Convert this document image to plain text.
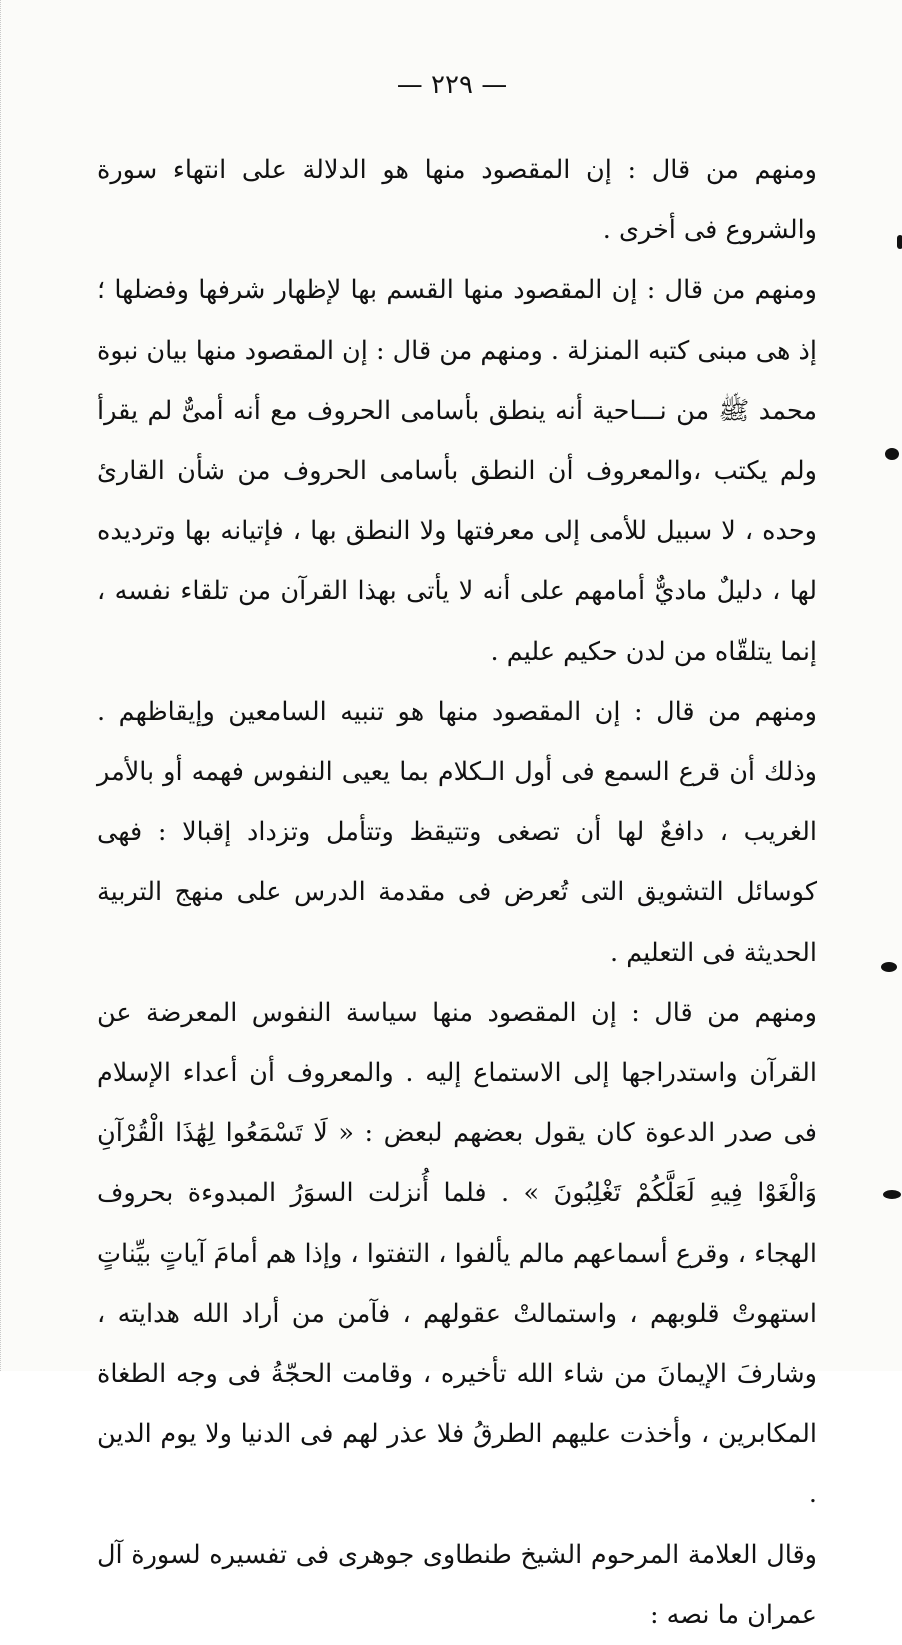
— ٢٢٩ —

ومنهم من قال : إن المقصود منها هو الدلالة على انتهاء سورة والشروع فى أخرى .

ومنهم من قال : إن المقصود منها القسم بها لإظهار شرفها وفضلها ؛ إذ هى مبنى كتبه المنزلة . ومنهم من قال : إن المقصود منها بيان نبوة محمد ﷺ من نـــاحية أنه ينطق بأسامى الحروف مع أنه أمىٌّ لم يقرأ ولم يكتب ،والمعروف أن النطق بأسامى الحروف من شأن القارئ وحده ، لا سبيل للأمى إلى معرفتها ولا النطق بها ، فإتيانه بها وترديده لها ، دليلٌ ماديٌّ أمامهم على أنه لا يأتى بهذا القرآن من تلقاء نفسه ، إنما يتلقّاه من لدن حكيم عليم .

ومنهم من قال : إن المقصود منها هو تنبيه السامعين وإيقاظهم . وذلك أن قرع السمع فى أول الـكلام بما يعيى النفوس فهمه أو بالأمر الغريب ، دافعٌ لها أن تصغى وتتيقظ وتتأمل وتزداد إقبالا : فهى كوسائل التشويق التى تُعرض فى مقدمة الدرس على منهج التربية الحديثة فى التعليم .

ومنهم من قال : إن المقصود منها سياسة النفوس المعرضة عن القرآن واستدراجها إلى الاستماع إليه . والمعروف أن أعداء الإسلام فى صدر الدعوة كان يقول بعضهم لبعض : « لَا تَسْمَعُوا لِهَٰذَا الْقُرْآنِ وَالْغَوْا فِيهِ لَعَلَّكُمْ تَغْلِبُونَ » . فلما أُنزلت السوَرُ المبدوءة بحروف الهجاء ، وقرع أسماعهم مالم يألفوا ، التفتوا ، وإذا هم أمامَ آياتٍ بيِّناتٍ استهوتْ قلوبهم ، واستمالتْ عقولهم ، فآمن من أراد الله هدايته ، وشارفَ الإيمانَ من شاء الله تأخيره ، وقامت الحجّةُ فى وجه الطغاة المكابرين ، وأخذت عليهم الطرقُ فلا عذر لهم فى الدنيا ولا يوم الدين .

وقال العلامة المرحوم الشيخ طنطاوى جوهرى فى تفسيره لسورة آل عمران ما نصه :
